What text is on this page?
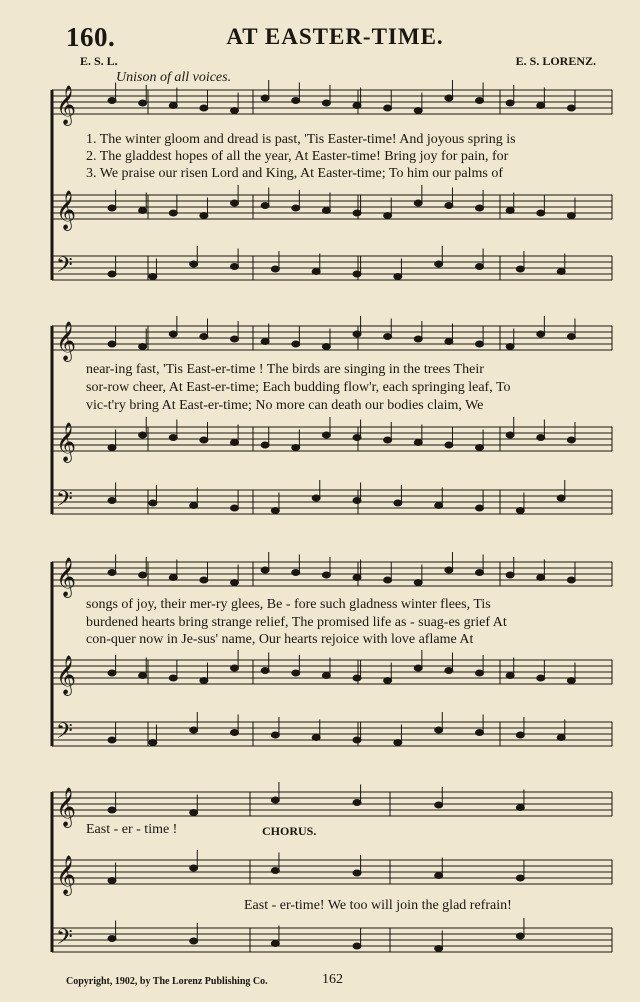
𝄞
𝄞
𝄢
𝄞
𝄞
𝄢
𝄞
𝄞
𝄢
𝄞
𝄞
𝄢
160.	AT EASTER-TIME.
E. S. L.	E. S. LORENZ.
Unison of all voices.
1. The winter gloom and dread is past, 'Tis Easter-time! And joyous spring is
2. The gladdest hopes of all the year, At Easter-time! Bring joy for pain, for
3. We praise our risen Lord and King, At Easter-time; To him our palms of
near-ing fast, 'Tis East-er-time ! The birds are singing in the trees Their
sor-row cheer, At East-er-time; Each budding flow'r, each springing leaf, To
vic-t'ry bring At East-er-time; No more can death our bodies claim, We
songs of joy, their mer-ry glees, Be - fore such gladness winter flees, Tis
burdened hearts bring strange relief, The promised life as - suag-es grief At
con-quer now in Je-sus' name, Our hearts rejoice with love aflame At
East - er - time !	CHORUS.
East - er-time! We too will join the glad refrain!
Copyright, 1902, by The Lorenz Publishing Co.	162
